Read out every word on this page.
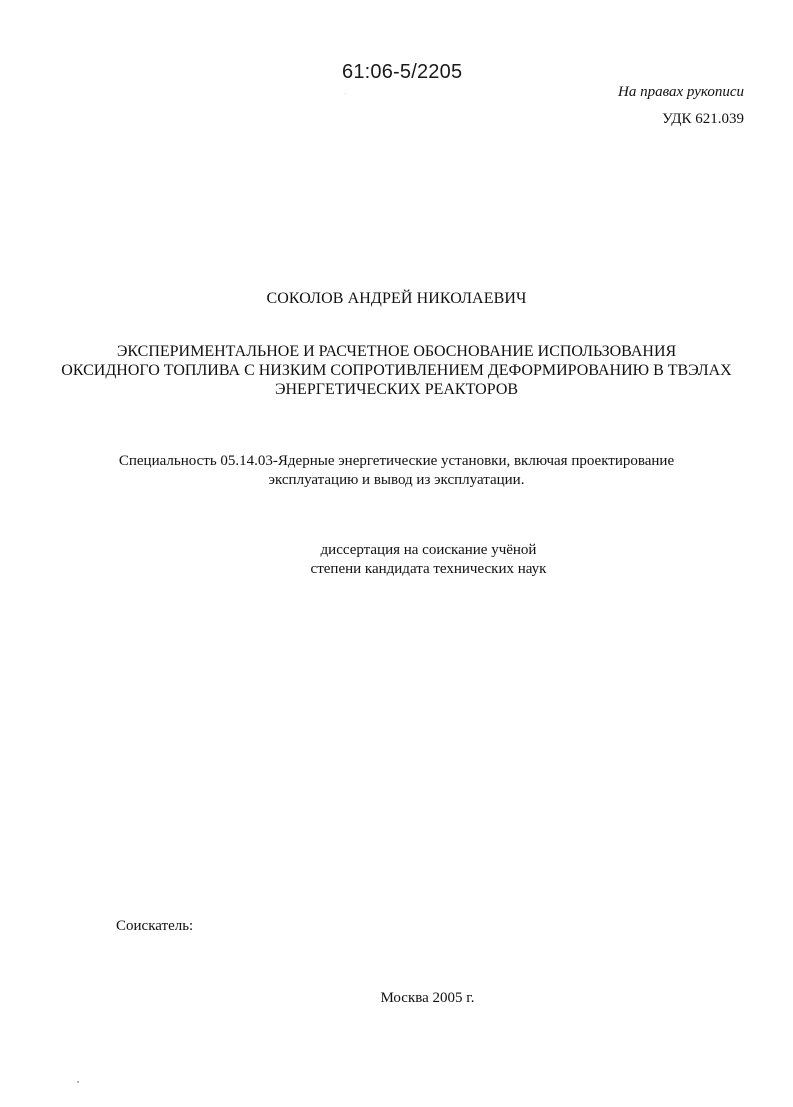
61:06-5/2205
На правах рукописи
УДК 621.039
СОКОЛОВ АНДРЕЙ НИКОЛАЕВИЧ
ЭКСПЕРИМЕНТАЛЬНОЕ И РАСЧЕТНОЕ ОБОСНОВАНИЕ ИСПОЛЬЗОВАНИЯ
ОКСИДНОГО ТОПЛИВА С НИЗКИМ СОПРОТИВЛЕНИЕМ ДЕФОРМИРОВАНИЮ В ТВЭЛАХ
ЭНЕРГЕТИЧЕСКИХ РЕАКТОРОВ
Специальность 05.14.03-Ядерные энергетические установки, включая проектирование
эксплуатацию и вывод из эксплуатации.
диссертация на соискание учёной
степени кандидата технических наук
Соискатель:
Москва 2005 г.
